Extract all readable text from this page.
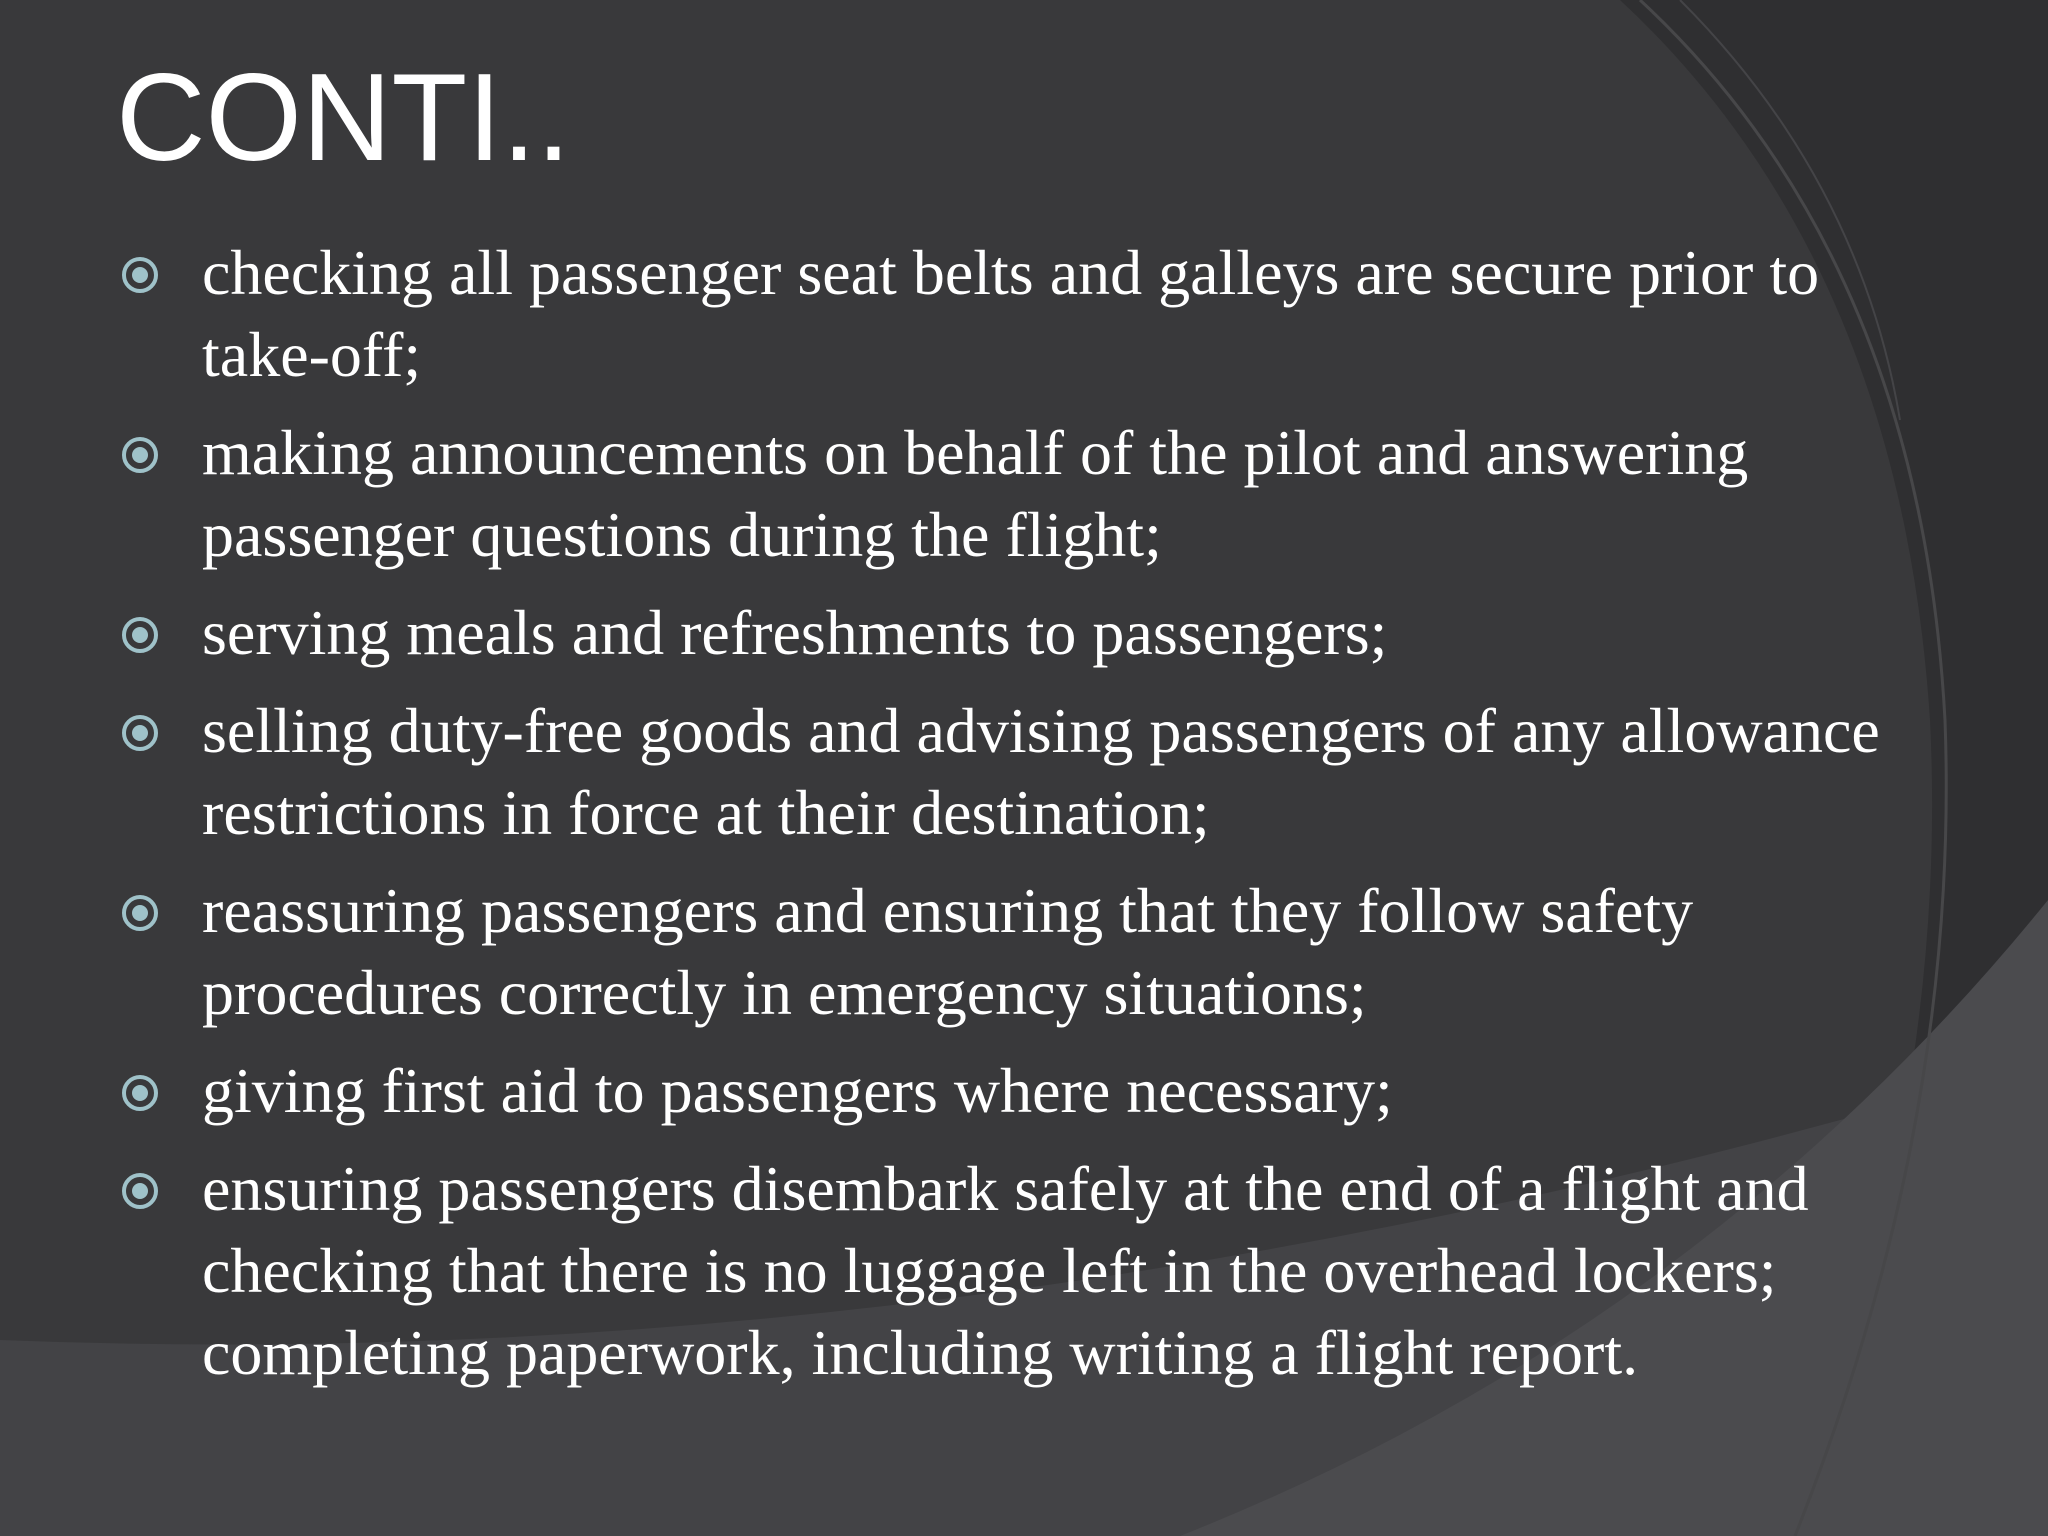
CONTI..
checking all passenger seat belts and galleys are secure prior to take-off;
making announcements on behalf of the pilot and answering passenger questions during the flight;
serving meals and refreshments to passengers;
selling duty-free goods and advising passengers of any allowance restrictions in force at their destination;
reassuring passengers and ensuring that they follow safety procedures correctly in emergency situations;
giving first aid to passengers where necessary;
ensuring passengers disembark safely at the end of a flight and checking that there is no luggage left in the overhead lockers;
completing paperwork, including writing a flight report.
